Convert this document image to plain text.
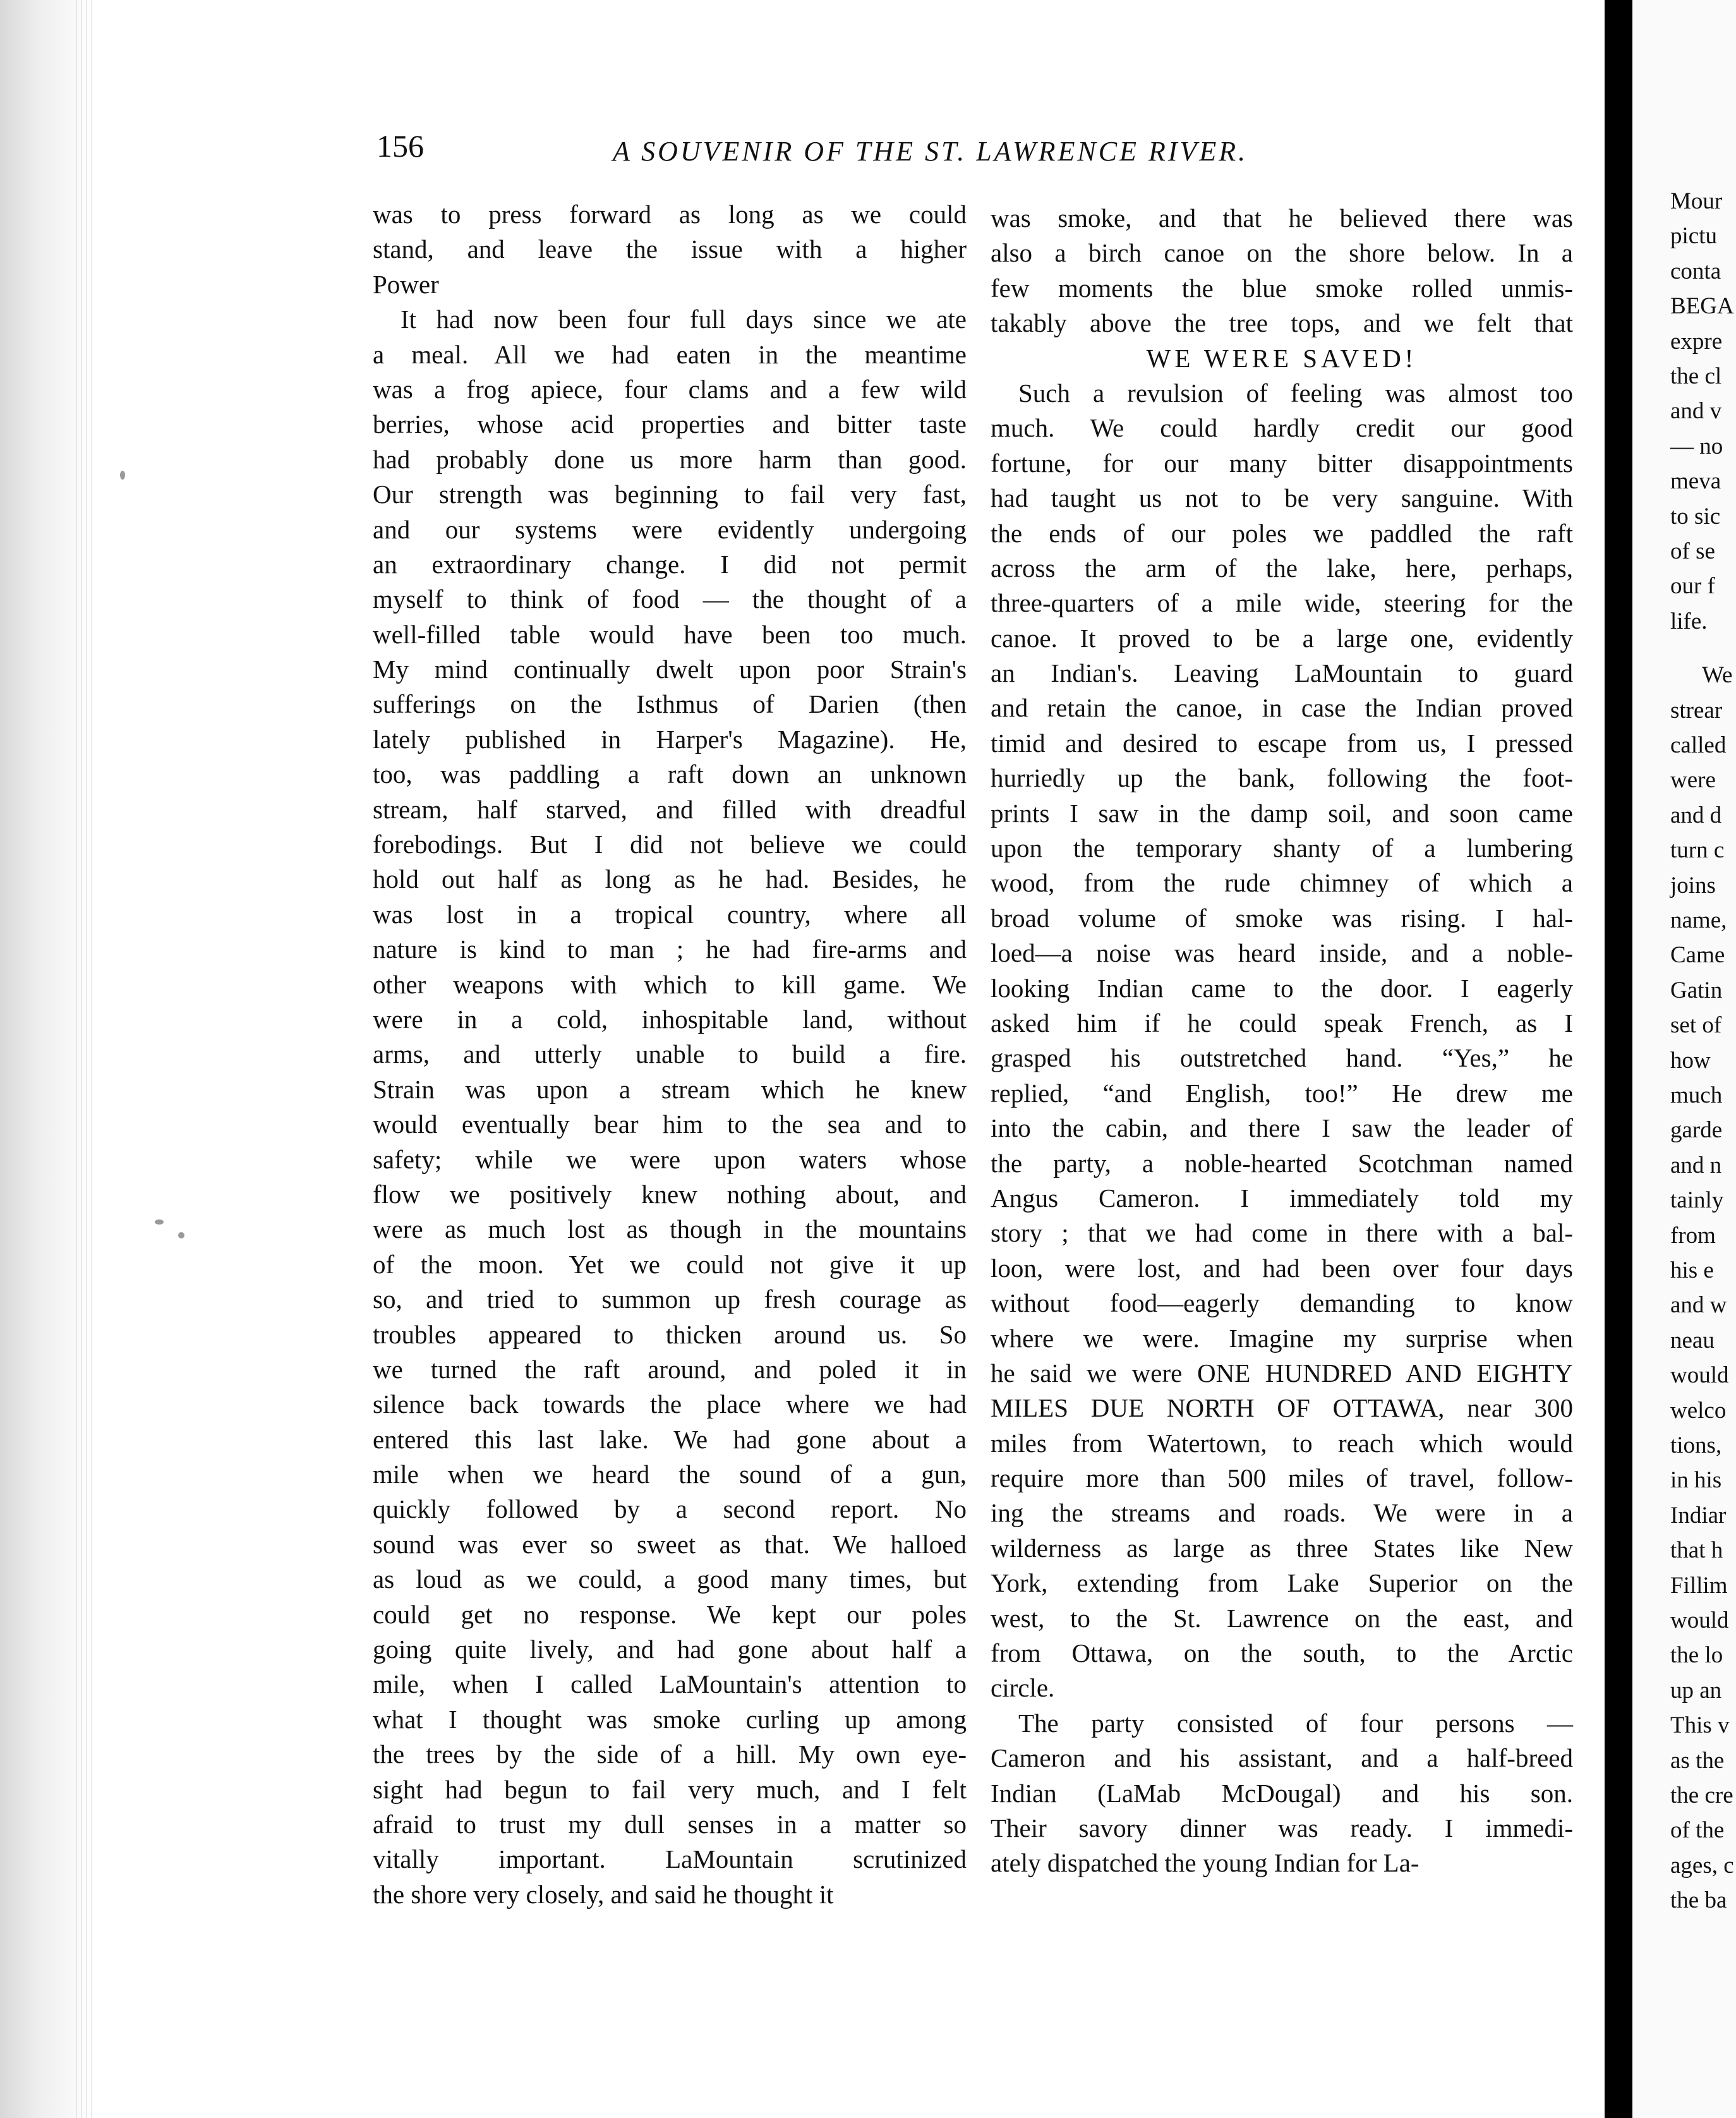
156	A SOUVENIR OF THE ST. LAWRENCE RIVER.
was to press forward as long as we could
stand, and leave the issue with a higher
Power
It had now been four full days since we ate
a meal. All we had eaten in the meantime
was a frog apiece, four clams and a few wild
berries, whose acid properties and bitter taste
had probably done us more harm than good.
Our strength was beginning to fail very fast,
and our systems were evidently undergoing
an extraordinary change. I did not permit
myself to think of food — the thought of a
well-filled table would have been too much.
My mind continually dwelt upon poor Strain's
sufferings on the Isthmus of Darien (then
lately published in Harper's Magazine). He,
too, was paddling a raft down an unknown
stream, half starved, and filled with dreadful
forebodings. But I did not believe we could
hold out half as long as he had. Besides, he
was lost in a tropical country, where all
nature is kind to man ; he had fire-arms and
other weapons with which to kill game. We
were in a cold, inhospitable land, without
arms, and utterly unable to build a fire.
Strain was upon a stream which he knew
would eventually bear him to the sea and to
safety; while we were upon waters whose
flow we positively knew nothing about, and
were as much lost as though in the mountains
of the moon. Yet we could not give it up
so, and tried to summon up fresh courage as
troubles appeared to thicken around us. So
we turned the raft around, and poled it in
silence back towards the place where we had
entered this last lake. We had gone about a
mile when we heard the sound of a gun,
quickly followed by a second report. No
sound was ever so sweet as that. We halloed
as loud as we could, a good many times, but
could get no response. We kept our poles
going quite lively, and had gone about half a
mile, when I called LaMountain's attention to
what I thought was smoke curling up among
the trees by the side of a hill. My own eye-
sight had begun to fail very much, and I felt
afraid to trust my dull senses in a matter so
vitally important. LaMountain scrutinized
the shore very closely, and said he thought it
was smoke, and that he believed there was
also a birch canoe on the shore below. In a
few moments the blue smoke rolled unmis-
takably above the tree tops, and we felt that
WE WERE SAVED!
Such a revulsion of feeling was almost too
much. We could hardly credit our good
fortune, for our many bitter disappointments
had taught us not to be very sanguine. With
the ends of our poles we paddled the raft
across the arm of the lake, here, perhaps,
three-quarters of a mile wide, steering for the
canoe. It proved to be a large one, evidently
an Indian's. Leaving LaMountain to guard
and retain the canoe, in case the Indian proved
timid and desired to escape from us, I pressed
hurriedly up the bank, following the foot-
prints I saw in the damp soil, and soon came
upon the temporary shanty of a lumbering
wood, from the rude chimney of which a
broad volume of smoke was rising. I hal-
loed—a noise was heard inside, and a noble-
looking Indian came to the door. I eagerly
asked him if he could speak French, as I
grasped his outstretched hand. “Yes,” he
replied, “and English, too!” He drew me
into the cabin, and there I saw the leader of
the party, a noble-hearted Scotchman named
Angus Cameron. I immediately told my
story ; that we had come in there with a bal-
loon, were lost, and had been over four days
without food—eagerly demanding to know
where we were. Imagine my surprise when
he said we were ONE HUNDRED AND EIGHTY
MILES DUE NORTH OF OTTAWA, near 300
miles from Watertown, to reach which would
require more than 500 miles of travel, follow-
ing the streams and roads. We were in a
wilderness as large as three States like New
York, extending from Lake Superior on the
west, to the St. Lawrence on the east, and
from Ottawa, on the south, to the Arctic
circle.
The party consisted of four persons —
Cameron and his assistant, and a half-breed
Indian (LaMab McDougal) and his son.
Their savory dinner was ready. I immedi-
ately dispatched the young Indian for La-
Mour
pictu
conta
BEGA
expre
the cl
and v
— no
meva
to sic
of se
our f
life.
We
strear
called
were
and d
turn c
joins
name,
Came
Gatin
set of
how
much
garde
and n
tainly
from
his e
and w
neau
would
welco
tions,
in his
Indiar
that h
Fillim
would
the lo
up an
This v
as the
the cre
of the
ages, c
the ba
